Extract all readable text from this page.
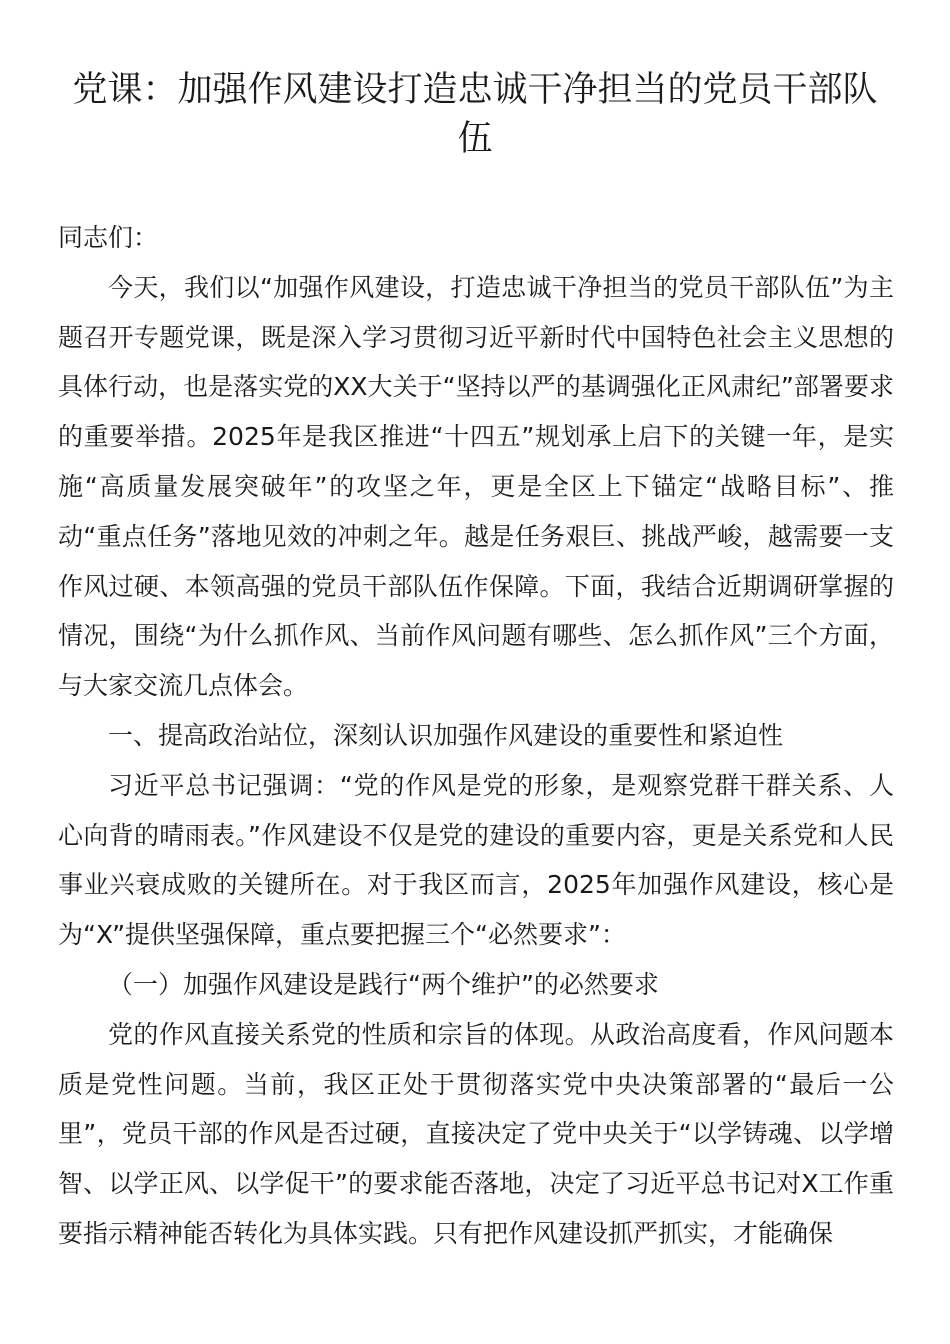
党课：加强作风建设打造忠诚干净担当的党员干部队伍

同志们：

今天，我们以“加强作风建设，打造忠诚干净担当的党员干部队伍”为主题召开专题党课，既是深入学习贯彻习近平新时代中国特色社会主义思想的具体行动，也是落实党的XX大关于“坚持以严的基调强化正风肃纪”部署要求的重要举措。2025年是我区推进“十四五”规划承上启下的关键一年，是实施“高质量发展突破年”的攻坚之年，更是全区上下锚定“战略目标”、推动“重点任务”落地见效的冲刺之年。越是任务艰巨、挑战严峻，越需要一支作风过硬、本领高强的党员干部队伍作保障。下面，我结合近期调研掌握的情况，围绕“为什么抓作风、当前作风问题有哪些、怎么抓作风”三个方面，与大家交流几点体会。

一、提高政治站位，深刻认识加强作风建设的重要性和紧迫性

习近平总书记强调：“党的作风是党的形象，是观察党群干群关系、人心向背的晴雨表。”作风建设不仅是党的建设的重要内容，更是关系党和人民事业兴衰成败的关键所在。对于我区而言，2025年加强作风建设，核心是为“X”提供坚强保障，重点要把握三个“必然要求”：

（一）加强作风建设是践行“两个维护”的必然要求

党的作风直接关系党的性质和宗旨的体现。从政治高度看，作风问题本质是党性问题。当前，我区正处于贯彻落实党中央决策部署的“最后一公里”，党员干部的作风是否过硬，直接决定了党中央关于“以学铸魂、以学增智、以学正风、以学促干”的要求能否落地，决定了习近平总书记对X工作重要指示精神能否转化为具体实践。只有把作风建设抓严抓实，才能确保
